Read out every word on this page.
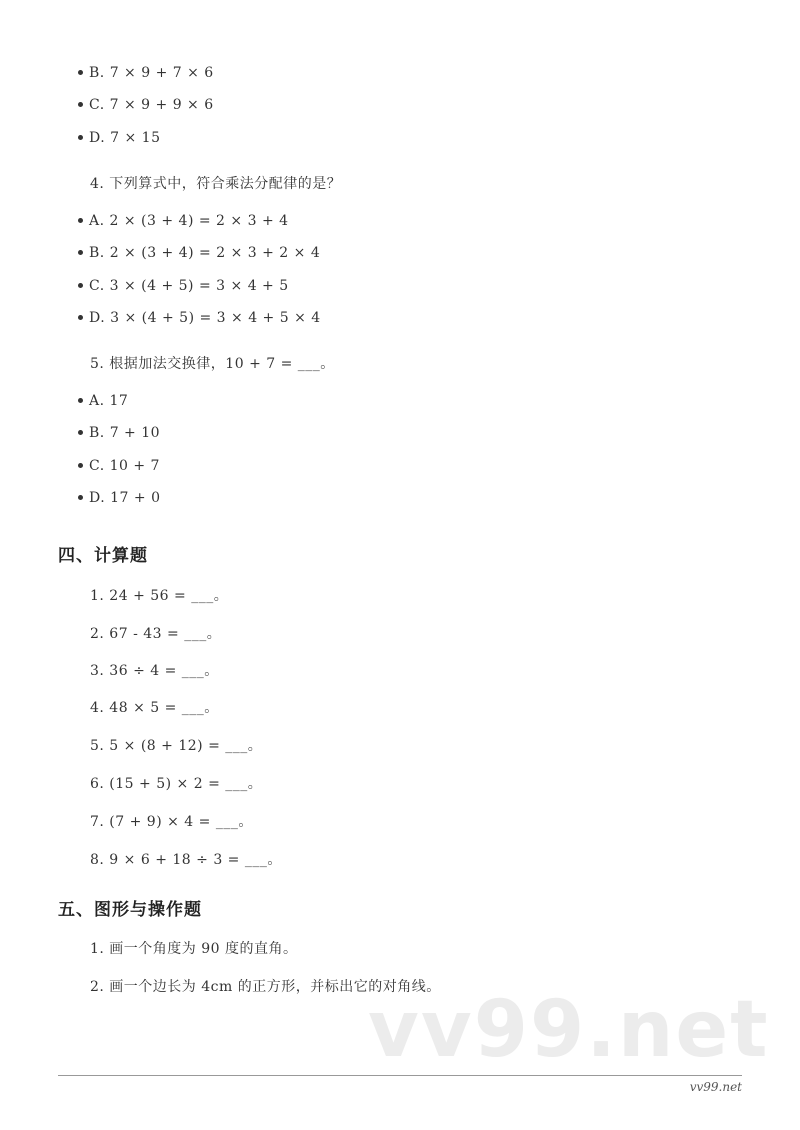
B. 7 × 9 + 7 × 6
C. 7 × 9 + 9 × 6
D. 7 × 15
4. 下列算式中，符合乘法分配律的是？
A. 2 × (3 + 4) = 2 × 3 + 4
B. 2 × (3 + 4) = 2 × 3 + 2 × 4
C. 3 × (4 + 5) = 3 × 4 + 5
D. 3 × (4 + 5) = 3 × 4 + 5 × 4
5. 根据加法交换律，10 + 7 = ___。
A. 17
B. 7 + 10
C. 10 + 7
D. 17 + 0
四、计算题
1. 24 + 56 = ___。
2. 67 - 43 = ___。
3. 36 ÷ 4 = ___。
4. 48 × 5 = ___。
5. 5 × (8 + 12) = ___。
6. (15 + 5) × 2 = ___。
7. (7 + 9) × 4 = ___。
8. 9 × 6 + 18 ÷ 3 = ___。
五、图形与操作题
1. 画一个角度为 90 度的直角。
2. 画一个边长为 4cm 的正方形，并标出它的对角线。
vv99.net
vv99.net
